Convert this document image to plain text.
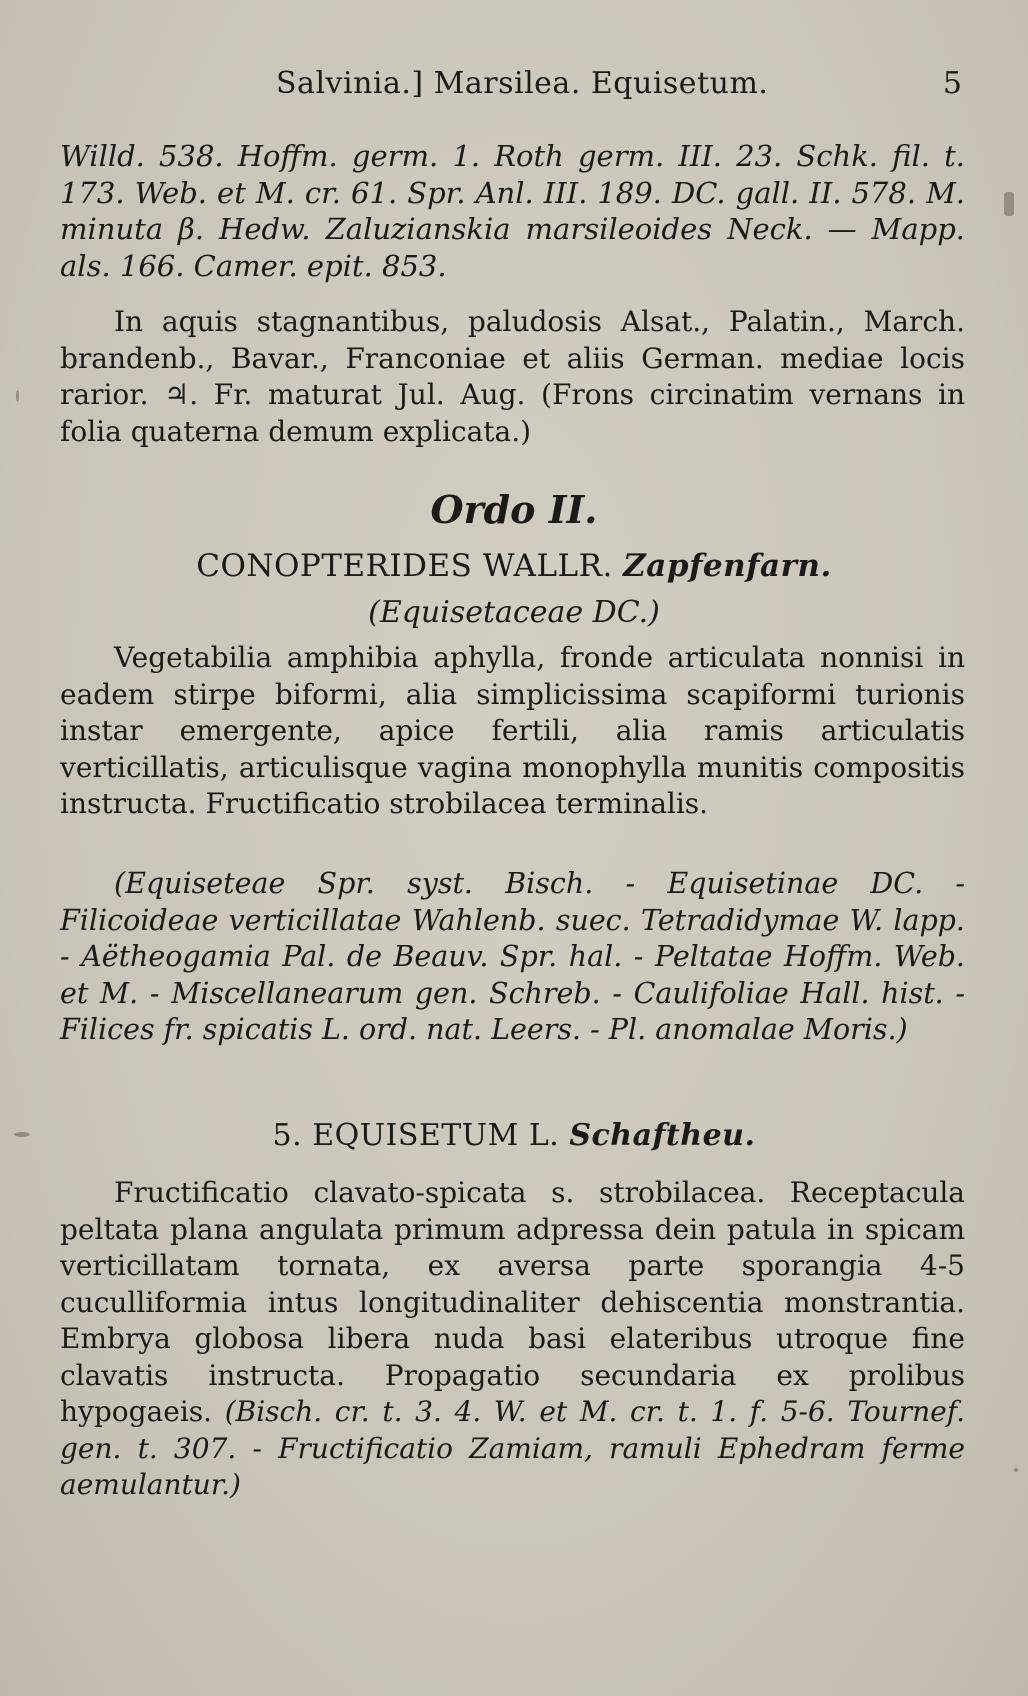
Salvinia.] Marsilea. Equisetum.	5
Willd. 538. Hoffm. germ. 1. Roth germ. III. 23. Schk. fil. t. 173. Web. et M. cr. 61. Spr. Anl. III. 189. DC. gall. II. 578. M. minuta β. Hedw. Zaluzianskia marsileoides Neck. — Mapp. als. 166. Camer. epit. 853.
In aquis stagnantibus, paludosis Alsat., Palatin., March. brandenb., Bavar., Franconiae et aliis German. mediae locis rarior. ♃. Fr. maturat Jul. Aug. (Frons circinatim vernans in folia quaterna demum explicata.)
Ordo II.
CONOPTERIDES WALLR. Zapfenfarn.
(Equisetaceae DC.)
Vegetabilia amphibia aphylla, fronde articulata nonnisi in eadem stirpe biformi, alia simplicissima scapiformi turionis instar emergente, apice fertili, alia ramis articulatis verticillatis, articulisque vagina monophylla munitis compositis instructa. Fructificatio strobilacea terminalis.
(Equiseteae Spr. syst. Bisch. - Equisetinae DC. - Filicoideae verticillatae Wahlenb. suec. Tetradidymae W. lapp. - Aëtheogamia Pal. de Beauv. Spr. hal. - Peltatae Hoffm. Web. et M. - Miscellanearum gen. Schreb. - Caulifoliae Hall. hist. - Filices fr. spicatis L. ord. nat. Leers. - Pl. anomalae Moris.)
5. EQUISETUM L. Schaftheu.
Fructificatio clavato-spicata s. strobilacea. Receptacula peltata plana angulata primum adpressa dein patula in spicam verticillatam tornata, ex aversa parte sporangia 4-5 cuculliformia intus longitudinaliter dehiscentia monstrantia. Embrya globosa libera nuda basi elateribus utroque fine clavatis instructa. Propagatio secundaria ex prolibus hypogaeis. (Bisch. cr. t. 3. 4. W. et M. cr. t. 1. f. 5-6. Tournef. gen. t. 307. - Fructificatio Zamiam, ramuli Ephedram ferme aemulantur.)
